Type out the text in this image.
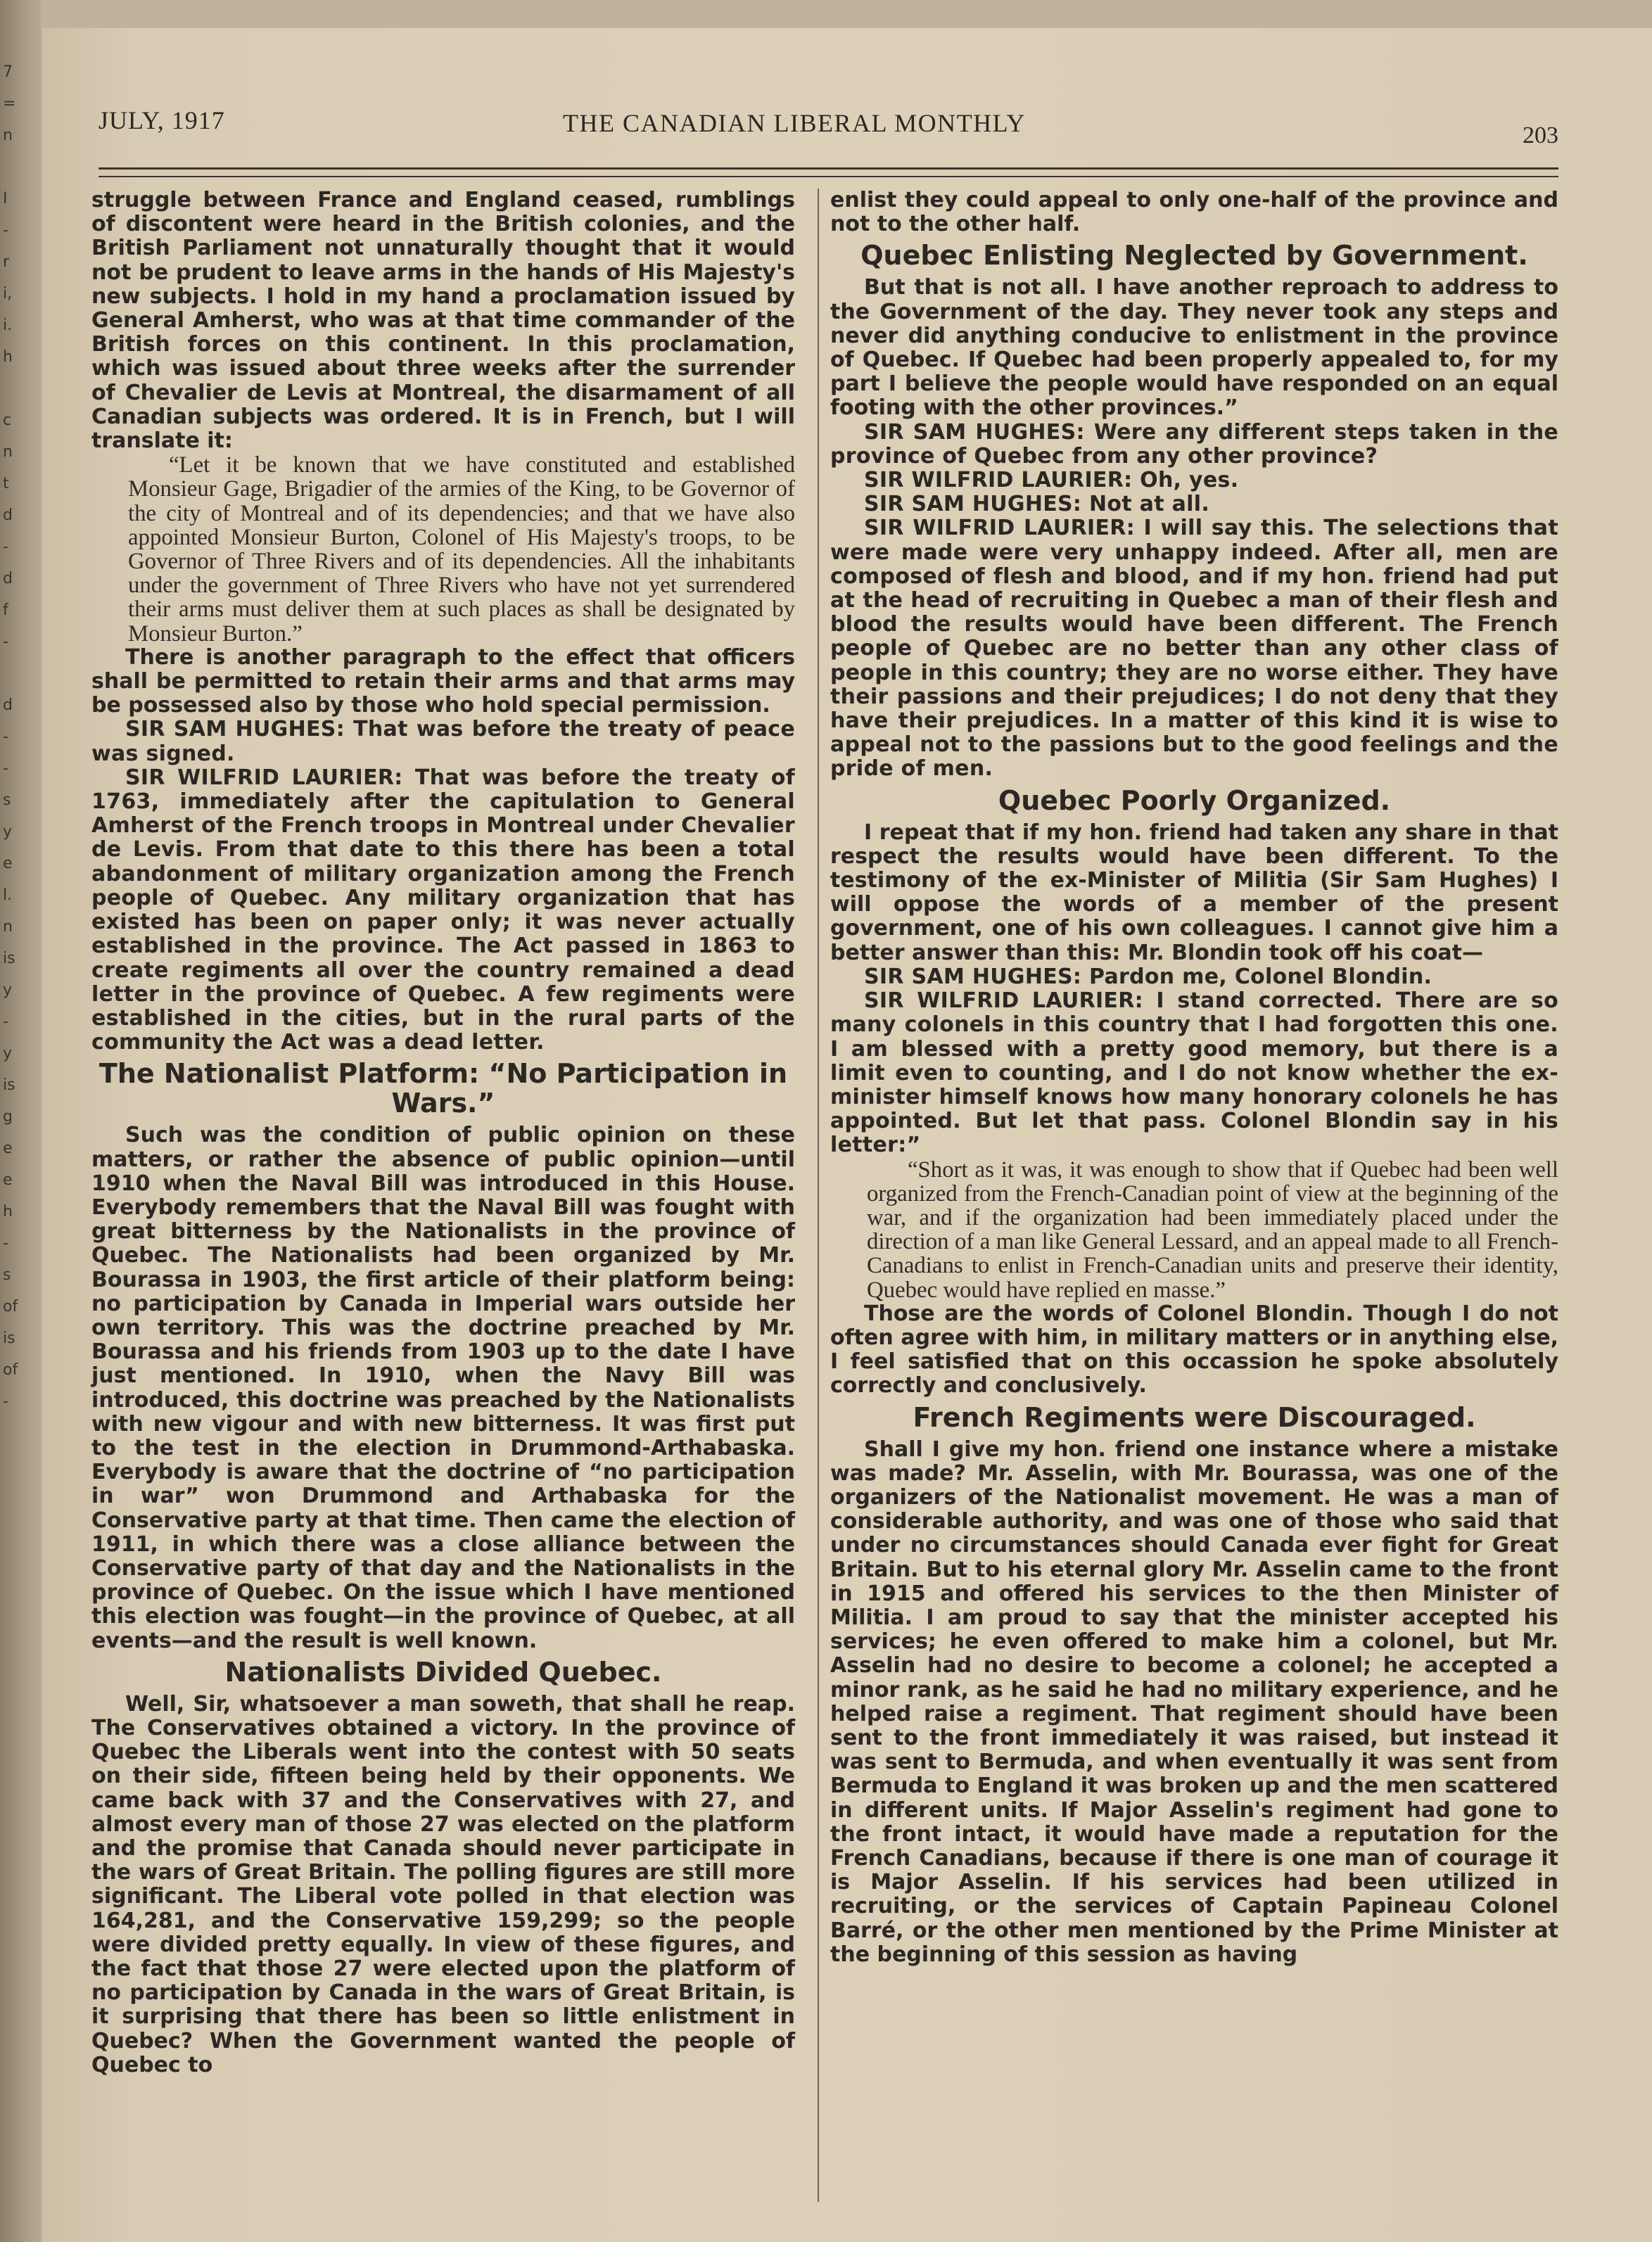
7
=
n

I
-
r
i,
i.
h

c
n
t
d
-
d
f
-

d
-
-
s
y
e
l.
n
is
y
-
y
is
g
e
e
h
-
s
of
is
of
-
JULY, 1917	THE CANADIAN LIBERAL MONTHLY	203

struggle between France and England ceased, rumblings of discontent were heard in the British colonies, and the British Parliament not unnaturally thought that it would not be prudent to leave arms in the hands of His Majesty's new subjects. I hold in my hand a proclamation issued by General Amherst, who was at that time commander of the British forces on this continent. In this proclamation, which was issued about three weeks after the surrender of Chevalier de Levis at Montreal, the disarmament of all Canadian subjects was ordered. It is in French, but I will translate it:

“Let it be known that we have constituted and established Monsieur Gage, Brigadier of the armies of the King, to be Governor of the city of Montreal and of its dependencies; and that we have also appointed Monsieur Burton, Colonel of His Majesty's troops, to be Governor of Three Rivers and of its dependencies. All the inhabitants under the government of Three Rivers who have not yet surrendered their arms must deliver them at such places as shall be designated by Monsieur Burton.”

There is another paragraph to the effect that officers shall be permitted to retain their arms and that arms may be possessed also by those who hold special permission.

SIR SAM HUGHES: That was before the treaty of peace was signed.

SIR WILFRID LAURIER: That was before the treaty of 1763, immediately after the capitulation to General Amherst of the French troops in Montreal under Chevalier de Levis. From that date to this there has been a total abandonment of military organization among the French people of Quebec. Any military organization that has existed has been on paper only; it was never actually established in the province. The Act passed in 1863 to create regiments all over the country remained a dead letter in the province of Quebec. A few regiments were established in the cities, but in the rural parts of the community the Act was a dead letter.

The Nationalist Platform: “No Participation in Wars.”

Such was the condition of public opinion on these matters, or rather the absence of public opinion—until 1910 when the Naval Bill was introduced in this House. Everybody remembers that the Naval Bill was fought with great bitterness by the Nationalists in the province of Quebec. The Nationalists had been organized by Mr. Bourassa in 1903, the first article of their platform being: no participation by Canada in Imperial wars outside her own territory. This was the doctrine preached by Mr. Bourassa and his friends from 1903 up to the date I have just mentioned. In 1910, when the Navy Bill was introduced, this doctrine was preached by the Nationalists with new vigour and with new bitterness. It was first put to the test in the election in Drummond-Arthabaska. Everybody is aware that the doctrine of “no participation in war” won Drummond and Arthabaska for the Conservative party at that time. Then came the election of 1911, in which there was a close alliance between the Conservative party of that day and the Nationalists in the province of Quebec. On the issue which I have mentioned this election was fought—in the province of Quebec, at all events—and the result is well known.

Nationalists Divided Quebec.

Well, Sir, whatsoever a man soweth, that shall he reap. The Conservatives obtained a victory. In the province of Quebec the Liberals went into the contest with 50 seats on their side, fifteen being held by their opponents. We came back with 37 and the Conservatives with 27, and almost every man of those 27 was elected on the platform and the promise that Canada should never participate in the wars of Great Britain. The polling figures are still more significant. The Liberal vote polled in that election was 164,281, and the Conservative 159,299; so the people were divided pretty equally. In view of these figures, and the fact that those 27 were elected upon the platform of no participation by Canada in the wars of Great Britain, is it surprising that there has been so little enlistment in Quebec? When the Government wanted the people of Quebec to

enlist they could appeal to only one-half of the province and not to the other half.

Quebec Enlisting Neglected by Government.

But that is not all. I have another reproach to address to the Government of the day. They never took any steps and never did anything conducive to enlistment in the province of Quebec. If Quebec had been properly appealed to, for my part I believe the people would have responded on an equal footing with the other provinces.”

SIR SAM HUGHES: Were any different steps taken in the province of Quebec from any other province?

SIR WILFRID LAURIER: Oh, yes.

SIR SAM HUGHES: Not at all.

SIR WILFRID LAURIER: I will say this. The selections that were made were very unhappy indeed. After all, men are composed of flesh and blood, and if my hon. friend had put at the head of recruiting in Quebec a man of their flesh and blood the results would have been different. The French people of Quebec are no better than any other class of people in this country; they are no worse either. They have their passions and their prejudices; I do not deny that they have their prejudices. In a matter of this kind it is wise to appeal not to the passions but to the good feelings and the pride of men.

Quebec Poorly Organized.

I repeat that if my hon. friend had taken any share in that respect the results would have been different. To the testimony of the ex-Minister of Militia (Sir Sam Hughes) I will oppose the words of a member of the present government, one of his own colleagues. I cannot give him a better answer than this: Mr. Blondin took off his coat—

SIR SAM HUGHES: Pardon me, Colonel Blondin.

SIR WILFRID LAURIER: I stand corrected. There are so many colonels in this country that I had forgotten this one. I am blessed with a pretty good memory, but there is a limit even to counting, and I do not know whether the ex-minister himself knows how many honorary colonels he has appointed. But let that pass. Colonel Blondin say in his letter:”

“Short as it was, it was enough to show that if Quebec had been well organized from the French-Canadian point of view at the beginning of the war, and if the organization had been immediately placed under the direction of a man like General Lessard, and an appeal made to all French-Canadians to enlist in French-Canadian units and preserve their identity, Quebec would have replied en masse.”

Those are the words of Colonel Blondin. Though I do not often agree with him, in military matters or in anything else, I feel satisfied that on this occassion he spoke absolutely correctly and conclusively.

French Regiments were Discouraged.

Shall I give my hon. friend one instance where a mistake was made? Mr. Asselin, with Mr. Bourassa, was one of the organizers of the Nationalist movement. He was a man of considerable authority, and was one of those who said that under no circumstances should Canada ever fight for Great Britain. But to his eternal glory Mr. Asselin came to the front in 1915 and offered his services to the then Minister of Militia. I am proud to say that the minister accepted his services; he even offered to make him a colonel, but Mr. Asselin had no desire to become a colonel; he accepted a minor rank, as he said he had no military experience, and he helped raise a regiment. That regiment should have been sent to the front immediately it was raised, but instead it was sent to Bermuda, and when eventually it was sent from Bermuda to England it was broken up and the men scattered in different units. If Major Asselin's regiment had gone to the front intact, it would have made a reputation for the French Canadians, because if there is one man of courage it is Major Asselin. If his services had been utilized in recruiting, or the services of Captain Papineau Colonel Barré, or the other men mentioned by the Prime Minister at the beginning of this session as having
